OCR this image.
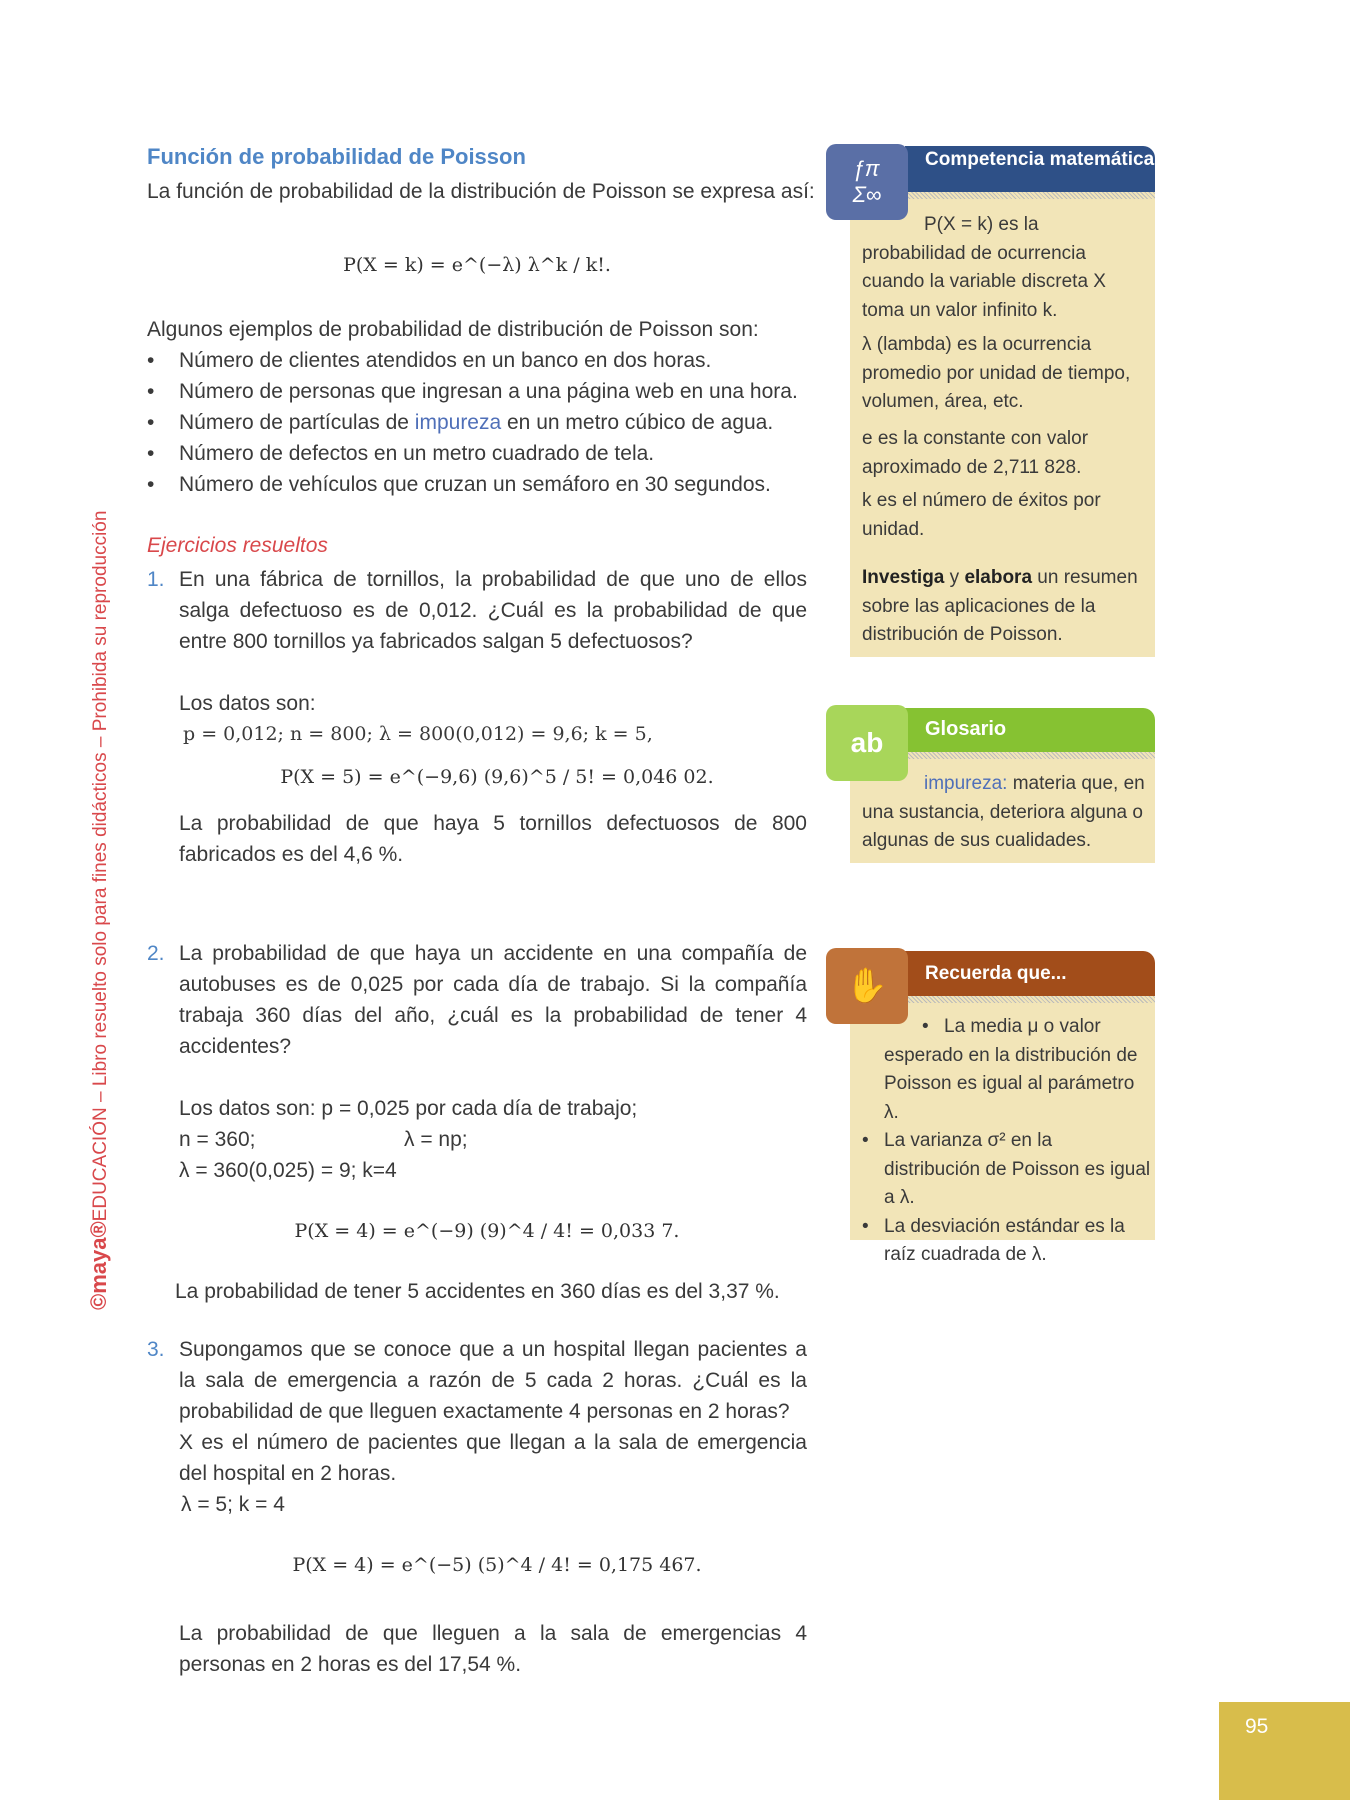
Función de probabilidad de Poisson
La función de probabilidad de la distribución de Poisson se expresa así:
P(X = k) = e^(−λ) λ^k / k!.
Algunos ejemplos de probabilidad de distribución de Poisson son:
• Número de clientes atendidos en un banco en dos horas.
• Número de personas que ingresan a una página web en una hora.
• Número de partículas de impureza en un metro cúbico de agua.
• Número de defectos en un metro cuadrado de tela.
• Número de vehículos que cruzan un semáforo en 30 segundos.
Ejercicios resueltos
1. En una fábrica de tornillos, la probabilidad de que uno de ellos salga defectuoso es de 0,012. ¿Cuál es la probabilidad de que entre 800 tornillos ya fabricados salgan 5 defectuosos?
Los datos son:
p = 0,012; n = 800; λ = 800(0,012) = 9,6; k = 5,
P(X = 5) = e^(−9,6) (9,6)^5 / 5! = 0,046 02.
La probabilidad de que haya 5 tornillos defectuosos de 800 fabricados es del 4,6 %.
2. La probabilidad de que haya un accidente en una compañía de autobuses es de 0,025 por cada día de trabajo. Si la compañía trabaja 360 días del año, ¿cuál es la probabilidad de tener 4 accidentes?
Los datos son: p = 0,025 por cada día de trabajo;
n = 360;	λ = np;
λ = 360(0,025) = 9; k=4
P(X = 4) = e^(−9) (9)^4 / 4! = 0,033 7.
La probabilidad de tener 5 accidentes en 360 días es del 3,37 %.
3. Supongamos que se conoce que a un hospital llegan pacientes a la sala de emergencia a razón de 5 cada 2 horas. ¿Cuál es la probabilidad de que lleguen exactamente 4 personas en 2 horas?
X es el número de pacientes que llegan a la sala de emergencia del hospital en 2 horas.
λ = 5; k = 4
P(X = 4) = e^(−5) (5)^4 / 4! = 0,175 467.
La probabilidad de que lleguen a la sala de emergencias 4 personas en 2 horas es del 17,54 %.
Competencia matemática
ƒπ
Σ∞
P(X = k) es la probabilidad de ocurrencia cuando la variable discreta X toma un valor infinito k.
λ (lambda) es la ocurrencia promedio por unidad de tiempo, volumen, área, etc.
e es la constante con valor aproximado de 2,711 828.
k es el número de éxitos por unidad.
Investiga y elabora un resumen sobre las aplicaciones de la distribución de Poisson.
Glosario
ab
impureza: materia que, en una sustancia, deteriora alguna o algunas de sus cualidades.
Recuerda que...
✋
• La media μ o valor esperado en la distribución de Poisson es igual al parámetro λ.
• La varianza σ² en la distribución de Poisson es igual a λ.
• La desviación estándar es la raíz cuadrada de λ.
©maya®EDUCACIÓN – Libro resuelto solo para fines didácticos – Prohibida su reproducción
95
